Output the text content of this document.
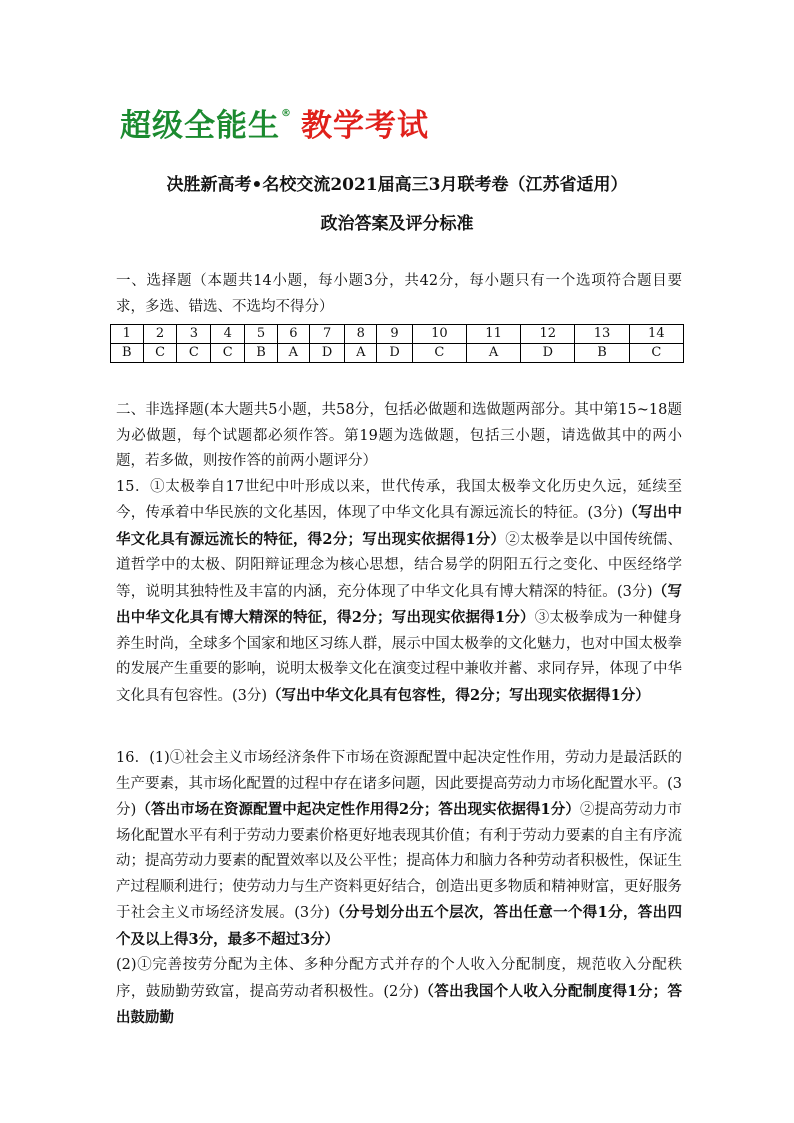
超级全能生 ® 教学考试
决胜新高考•名校交流2021届高三3月联考卷（江苏省适用）
政治答案及评分标准
一、选择题（本题共14小题，每小题3分，共42分，每小题只有一个选项符合题目要求，多选、错选、不选均不得分）
1	2	3	4	5	6	7	8	9	10	11	12	13	14
B	C	C	C	B	A	D	A	D	C	A	D	B	C
二、非选择题(本大题共5小题，共58分，包括必做题和选做题两部分。其中第15~18题为必做题，每个试题都必须作答。第19题为选做题，包括三小题，请选做其中的两小题，若多做，则按作答的前两小题评分）
15．①太极拳自17世纪中叶形成以来，世代传承，我国太极拳文化历史久远，延续至今，传承着中华民族的文化基因，体现了中华文化具有源远流长的特征。(3分)（写出中华文化具有源远流长的特征，得2分；写出现实依据得1分）②太极拳是以中国传统儒、道哲学中的太极、阴阳辩证理念为核心思想，结合易学的阴阳五行之变化、中医经络学等，说明其独特性及丰富的内涵，充分体现了中华文化具有博大精深的特征。(3分)（写出中华文化具有博大精深的特征，得2分；写出现实依据得1分）③太极拳成为一种健身养生时尚，全球多个国家和地区习练人群，展示中国太极拳的文化魅力，也对中国太极拳的发展产生重要的影响，说明太极拳文化在演变过程中兼收并蓄、求同存异，体现了中华文化具有包容性。(3分)（写出中华文化具有包容性，得2分；写出现实依据得1分）
16．(1)①社会主义市场经济条件下市场在资源配置中起决定性作用，劳动力是最活跃的生产要素，其市场化配置的过程中存在诸多问题，因此要提高劳动力市场化配置水平。(3分)（答出市场在资源配置中起决定性作用得2分；答出现实依据得1分）②提高劳动力市场化配置水平有利于劳动力要素价格更好地表现其价值；有利于劳动力要素的自主有序流动；提高劳动力要素的配置效率以及公平性；提高体力和脑力各种劳动者积极性，保证生产过程顺利进行；使劳动力与生产资料更好结合，创造出更多物质和精神财富，更好服务于社会主义市场经济发展。(3分)（分号划分出五个层次，答出任意一个得1分，答出四个及以上得3分，最多不超过3分）
(2)①完善按劳分配为主体、多种分配方式并存的个人收入分配制度，规范收入分配秩序，鼓励勤劳致富，提高劳动者积极性。(2分)（答出我国个人收入分配制度得1分；答出鼓励勤
